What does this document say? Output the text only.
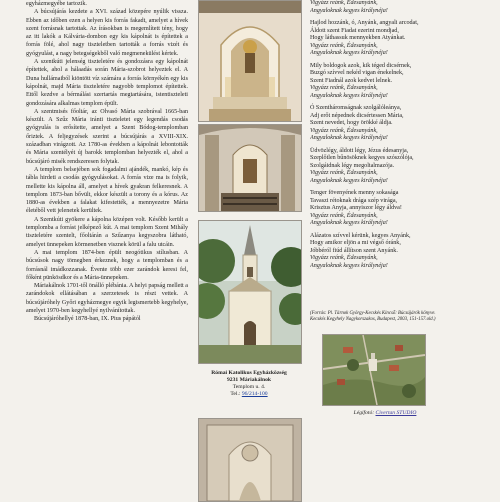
egyházmegyébe tartozik.

A búcsújárás kezdete a XVI. század közepére nyúlik vissza. Ebben az időben ezen a helyen kis forrás fakadt, amelyet a hívek szent forrásnak tartottak. Az írásokban is megemlített tény, hogy az itt lakók a Kálvária-dombon egy kis kápolnát is építettek a forrás fölé, ahol nagy tiszteletben tartották a forrás vizét és gyógyulást, a nagy betegségekből való megmenekülést kértek.

A szentkúti jelenség tiszteletére és gondozásra egy kápolnát építettek, ahol a hálaadás során Mária-szobrot helyeztek el. A Duna hullámaiból kiöntött víz számára a forrás környékén egy kis kápolnát, majd Mária tiszteletére nagyobb templomot építettek. Ettől kezdve a bérmálási szertartás megtartására, istentiszteleti gondozására alkalmas templom épült.

A szentmisés főoltár, az Olvasó Mária szobrával 1665-ban készült. A Szűz Mária iránti tiszteletet egy legendás csodás gyógyulás is erősítette, amelyet a Szent Bódog-templomban őriztek. A feljegyzések szerint a búcsújárás a XVIII-XIX. században virágzott. Az 1780-as években a kápolnát lebontották és Mária szentélyét új barokk templomban helyezték el, ahol a búcsújáró misék rendszeresen folytak.

A templom belsejében sok fogadalmi ajándék, mankó, kép és tábla hirdeti a csodás gyógyulásokat. A forrás vize ma is folyik, mellette kis kápolna áll, amelyet a hívek gyakran felkeresnek. A templom 1873-ban bővült, ekkor készült a torony és a kórus. Az 1880-as években a falakat kifestették, a mennyezetre Mária életéből vett jelenetek kerültek.

A Szentkúti gyökere a kápolna középen volt. Később került a templomba a forrást jelképező kút. A mai templom Szent Mihály tiszteletére szentelt, főoltárán a Szűzanya kegyszobra látható, amelyet ünnepeken körmenetben visznek körül a falu utcáin.

A mai templom 1874-ben épült neogótikus stílusban. A búcsúsok nagy tömegben érkeznek, hogy a templomban és a forrásnál imádkozzanak. Évente több ezer zarándok keresi fel, főként pünkösdkor és a Mária-ünnepeken.

Máriakálnok 1701-től önálló plébánia. A helyi papság mellett a zarándokok ellátásában a szerzetesek is részt vettek. A búcsújáróhely Győri egyházmegye egyik legismertebb kegyhelye, amelyet 1970-ben kegyhellyé nyilvánítottak.

Búcsújáróhellyé 1878-ban, IX. Pius pápától

Római Katolikus Egyházközség
9231 Máriakálnok
Templom u. 4.
Tel.: 96/214-100
Vigyázz reánk, Édesanyánk,
Angyaloknak kegyes királynéja!
Hajlod hozzánk, ó, Anyánk, angyali arcodat,
Áldott szent Fiadat ezerint mondjad,
Hogy láthassuk mennyekben Atyánkat.
Vigyázz reánk, Édesanyánk,
Angyaloknak kegyes királynéja!
Mily boldogok azok, kik téged dicsérnek,
Buzgó szívvel nekéd vigan énekelnek,
Szent Fiadnál azok kedvet lelnek.
Vigyázz reánk, Édesanyánk,
Angyaloknak kegyes királynéja!
Ó Szentháromságnak szolgálóleánya,
Adj erőt népednek dicsértessen Mária,
Szent nevedet, hogy örökké áldja.
Vigyázz reánk, Édesanyánk,
Angyaloknak kegyes királynéja!
Üdvözlégy, áldott légy, Jézus édesanyja,
Szeplőtlen bűnösöknek kegyes szószólója,
Szolgáidnak légy megoltalmazója.
Vigyázz reánk, Édesanyánk,
Angyaloknak kegyes királynéja!
Tenger fövenyének menny sokasága
Tavaszi rétoknak drága szép virága,
Krisztus Anyja, annyiszor légy áldva!
Vigyázz reánk, Édesanyánk,
Angyaloknak kegyes királynéja!
Alázatos szívvel kérünk, kegyes Anyánk,
Hogy amikor eljön a mi végső óránk,
Jóbbéról fiúd állítson szent Anyánk.
Vigyázz reánk, Édesanyánk,
Angyaloknak kegyes királynéja!
(Forrás: Pl. Tárnok György-Kecskés Kincső: Búcsújárók könyve. Kecskés Kegyhely Nagykorszakos, Budapest, 2003, 151-157.old.)
Légifotó: Civertan STUDIO
